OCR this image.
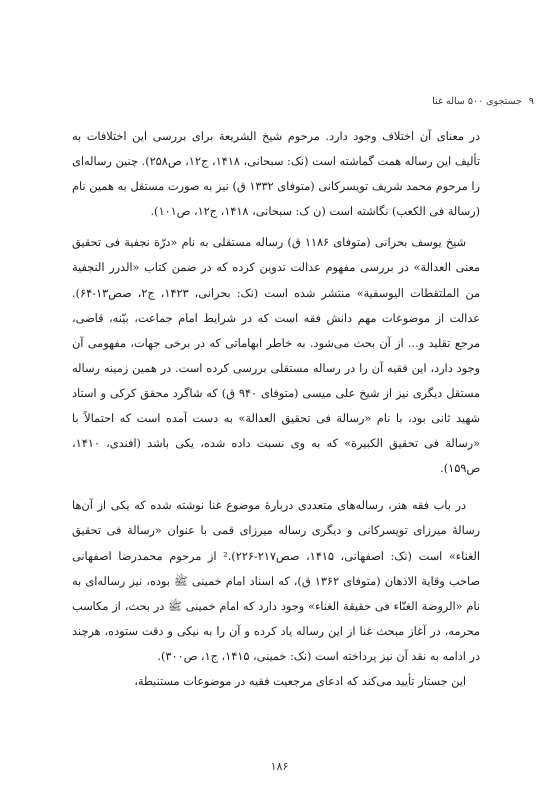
۹
جستجوی ۵۰۰ ساله غنا

در معنای آن اختلاف وجود دارد. مرحوم شیخ الشریعة برای بررسی این اختلافات به تألیف این رساله همت گماشته است (نک: سبحانی، ۱۴۱۸، ج۱۲، ص۲۵۸). چنین رساله‌ای را مرحوم محمد شریف تویسرکانی (متوفای ۱۳۳۲ ق) نیز به صورت مستقل به همین نام (رسالة فی الکعب) نگاشته است (ن ک: سبحانی، ۱۴۱۸، ج۱۲، ص۱۰۱).

شیخ یوسف بحرانی (متوفای ۱۱۸۶ ق) رساله مستقلی به نام «درّة نجفیة فی تحقیق معنی العدالة» در بررسی مفهوم عدالت تدوین کرده که در ضمن کتاب «الدرر النجفیة من الملتقطات الیوسفیة» منتشر شده است (نک: بحرانی، ۱۴۲۳، ج۲، صص۱۳-۶۴). عدالت از موضوعات مهم دانش فقه است که در شرایط امام جماعت، بیّنه، قاضی، مرجع تقلید و... از آن بحث می‌شود. به خاطر ابهاماتی که در برخی جهات، مفهومی آن وجود دارد، این فقیه آن را در رساله مستقلی بررسی کرده است. در همین زمینه رساله مستقل دیگری نیز از شیخ علی میسی (متوفای ۹۴۰ ق) که شاگرد محقق کرکی و استاد شهید ثانی بود، با نام «رسالة فی تحقیق العدالة» به دست آمده است که احتمالاً با «رسالة فی تحقیق الکبیرة» که به وی نسبت داده شده، یکی باشد (افندی، ۱۴۱۰، ص۱۵۹).

در باب فقه هنر، رساله‌های متعددی دربارهٔ موضوع غنا نوشته شده که یکی از آن‌ها رسالهٔ میرزای تویسرکانی و دیگری رساله میرزای قمی با عنوان «رسالة فی تحقیق الغناء» است (نک: اصفهانی، ۱۴۱۵، صص۲۱۷-۲۲۶).² از مرحوم محمدرضا اصفهانی صاحب وقایة الاذهان (متوفای ۱۳۶۲ ق)، که اسناد امام خمینی ﷺ بوده، نیز رساله‌ای به نام «الروضة الغنّاء فی حقیقة الغناء» وجود دارد که امام خمینی ﷺ در بحث، از مکاسب محرمه، در آغاز مبحث غنا از این رساله یاد کرده و آن را به نیکی و دقت ستوده، هرچند در ادامه به نقد آن نیز پرداخته است (نک: خمینی، ۱۴۱۵، ج۱، ص۳۰۰).

این جستار تأیید می‌کند که ادعای مرجعیت فقیه در موضوعات مستنبطة،

۱۸۶
